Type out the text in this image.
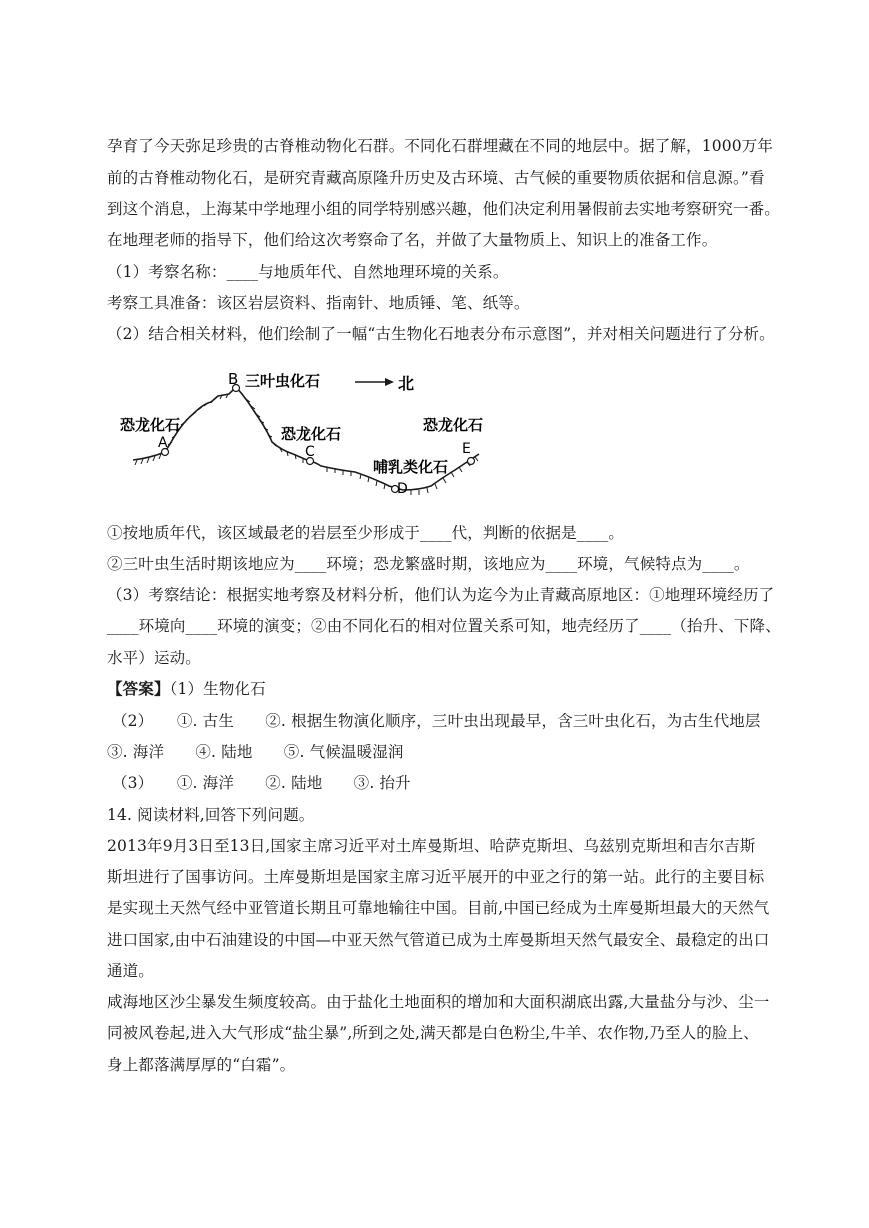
孕育了今天弥足珍贵的古脊椎动物化石群。不同化石群埋藏在不同的地层中。据了解，1000万年
前的古脊椎动物化石，是研究青藏高原隆升历史及古环境、古气候的重要物质依据和信息源。”看
到这个消息，上海某中学地理小组的同学特别感兴趣，他们决定利用暑假前去实地考察研究一番。
在地理老师的指导下，他们给这次考察命了名，并做了大量物质上、知识上的准备工作。
（1）考察名称：____与地质年代、自然地理环境的关系。
考察工具准备：该区岩层资料、指南针、地质锤、笔、纸等。
（2）结合相关材料，他们绘制了一幅“古生物化石地表分布示意图”，并对相关问题进行了分析。
B 三叶虫化石	北
恐龙化石
A	恐龙化石
C
恐龙化石
E
哺乳类化石
D
①按地质年代，该区域最老的岩层至少形成于____代，判断的依据是____。
②三叶虫生活时期该地应为____环境；恐龙繁盛时期，该地应为____环境，气候特点为____。
（3）考察结论：根据实地考察及材料分析，他们认为迄今为止青藏高原地区：①地理环境经历了
____环境向____环境的演变；②由不同化石的相对位置关系可知，地壳经历了____（抬升、下降、
水平）运动。
【答案】（1）生物化石
（2）　　①. 古生　　②. 根据生物演化顺序，三叶虫出现最早，含三叶虫化石，为古生代地层
③. 海洋　　④. 陆地　　⑤. 气候温暖湿润
（3）　　①. 海洋　　②. 陆地　　③. 抬升
14. 阅读材料,回答下列问题。
2013年9月3日至13日,国家主席习近平对土库曼斯坦、哈萨克斯坦、乌兹别克斯坦和吉尔吉斯
斯坦进行了国事访问。土库曼斯坦是国家主席习近平展开的中亚之行的第一站。此行的主要目标
是实现土天然气经中亚管道长期且可靠地输往中国。目前,中国已经成为土库曼斯坦最大的天然气
进口国家,由中石油建设的中国—中亚天然气管道已成为土库曼斯坦天然气最安全、最稳定的出口
通道。
咸海地区沙尘暴发生频度较高。由于盐化土地面积的增加和大面积湖底出露,大量盐分与沙、尘一
同被风卷起,进入大气形成“盐尘暴”,所到之处,满天都是白色粉尘,牛羊、农作物,乃至人的脸上、
身上都落满厚厚的“白霜”。
